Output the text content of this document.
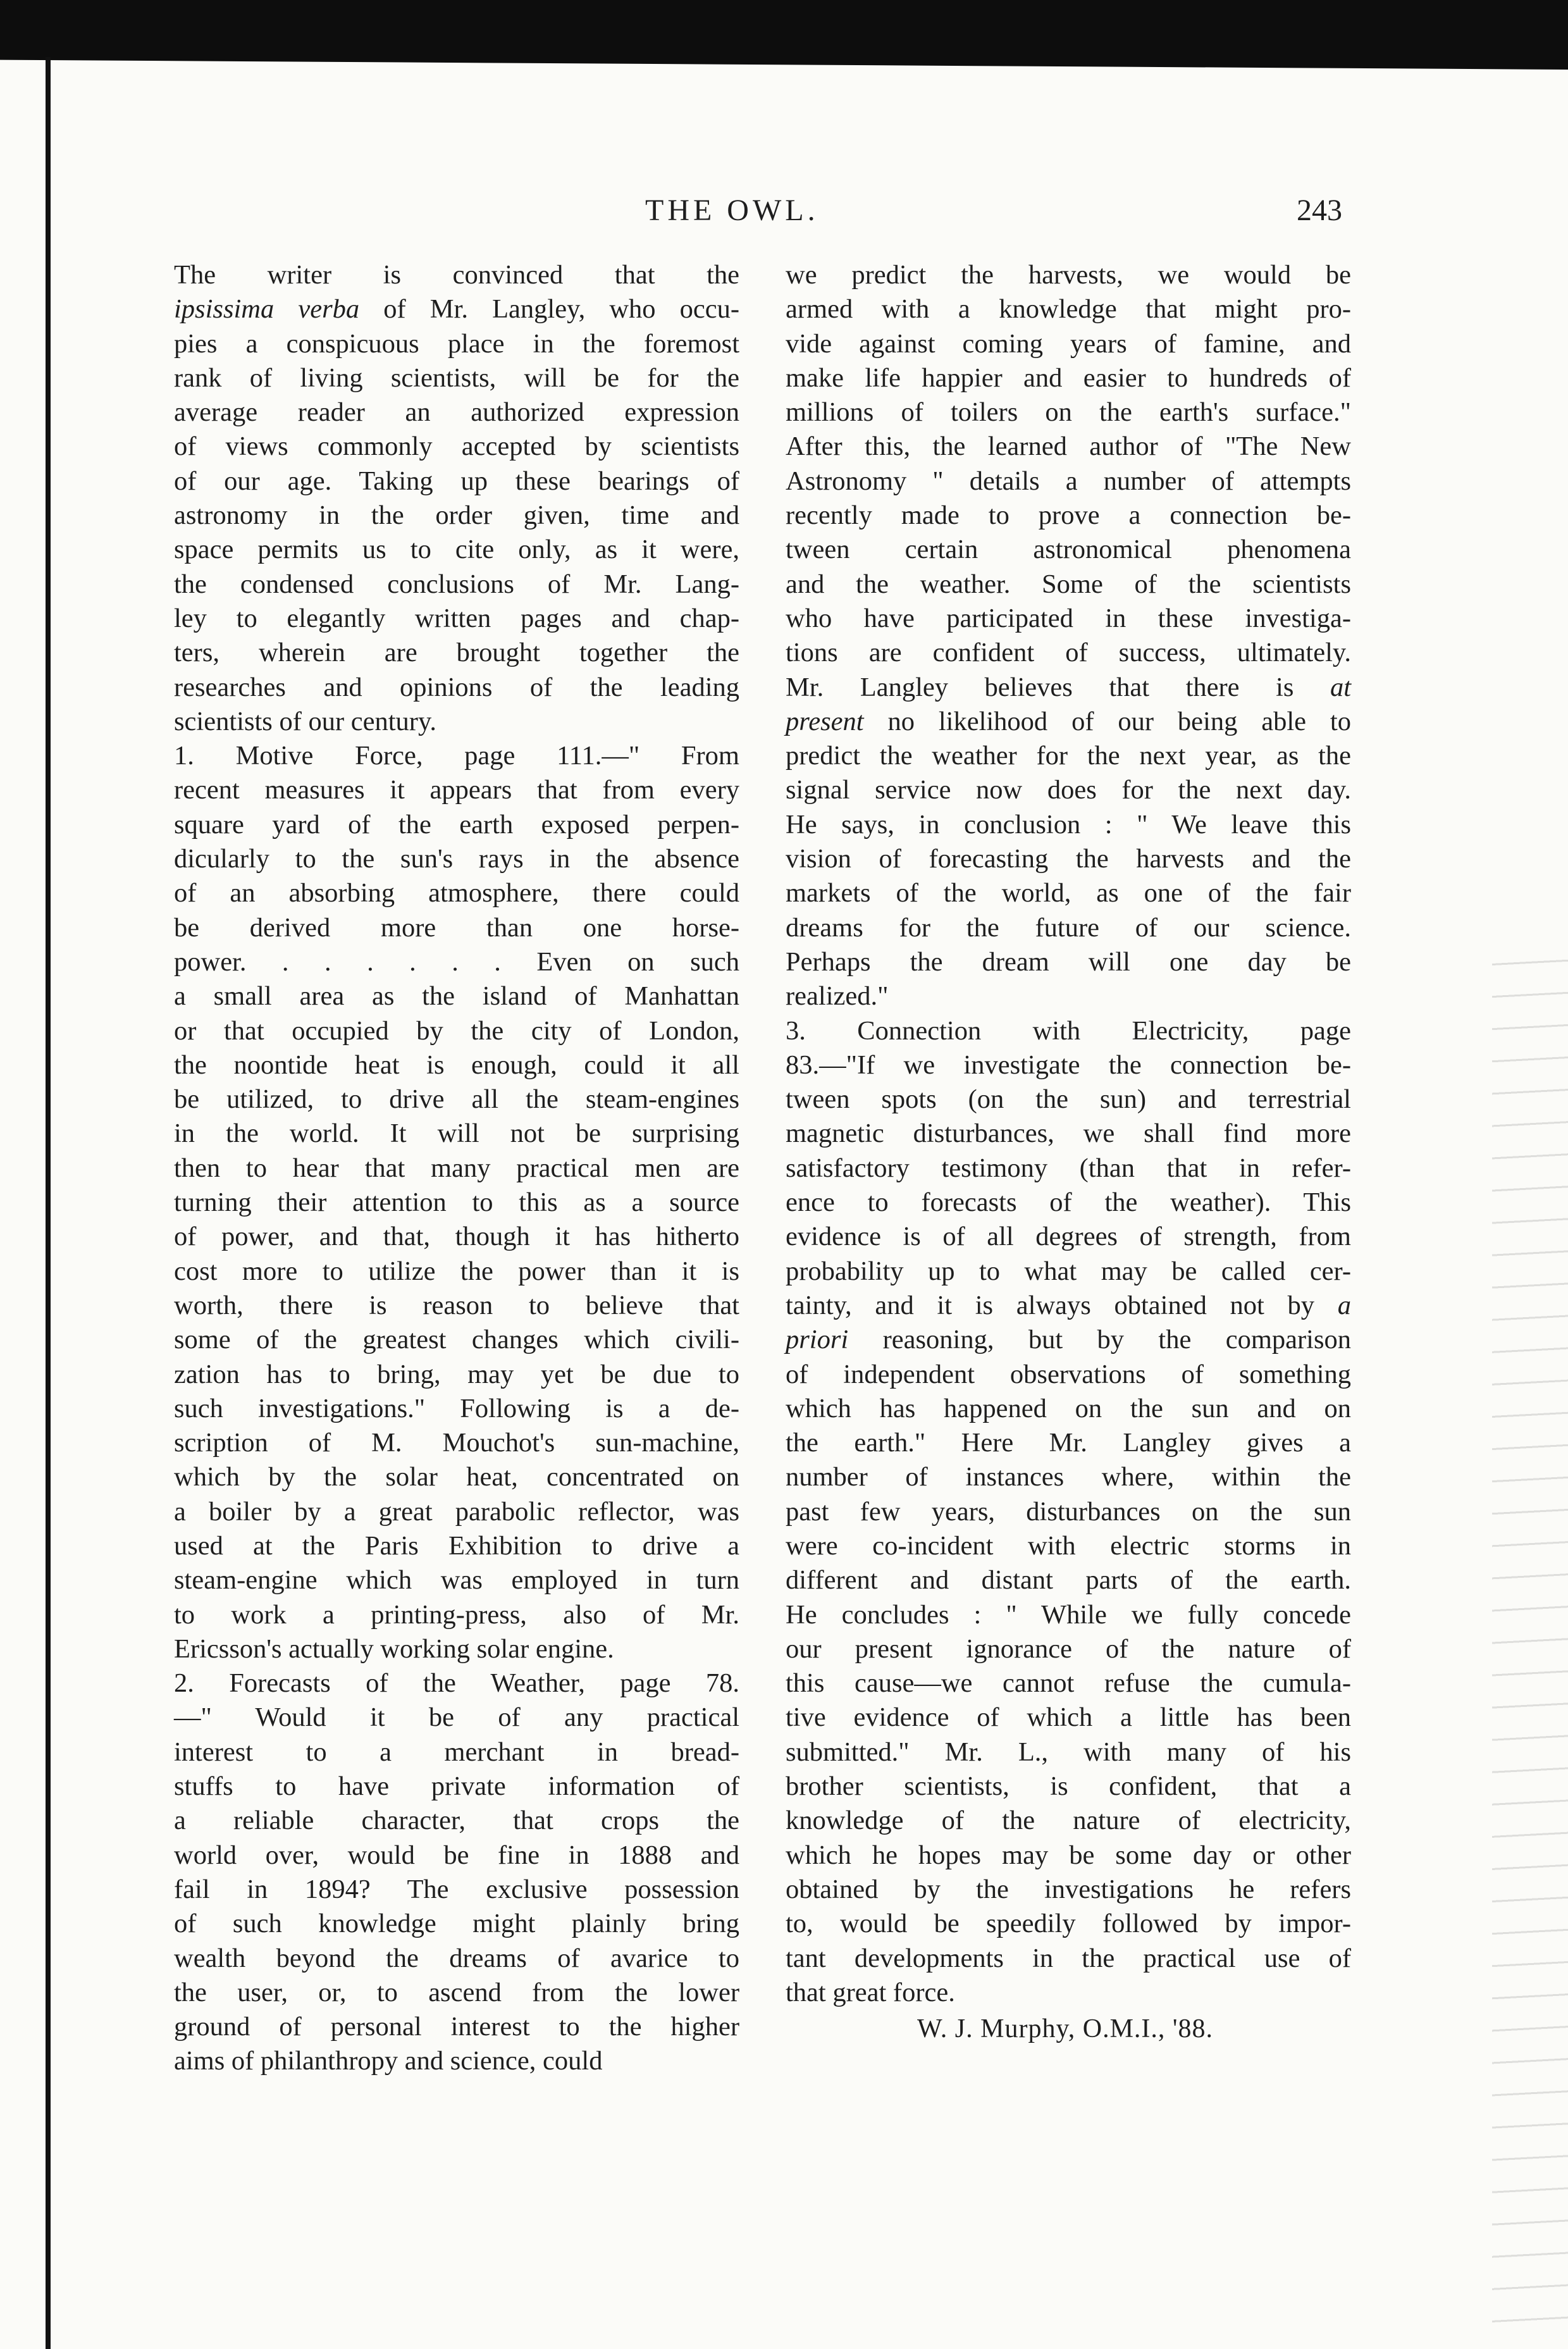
THE OWL.	243
The writer is convinced that the
ipsissima verba of Mr. Langley, who occu-
pies a conspicuous place in the foremost
rank of living scientists, will be for the
average reader an authorized expression
of views commonly accepted by scientists
of our age. Taking up these bearings of
astronomy in the order given, time and
space permits us to cite only, as it were,
the condensed conclusions of Mr. Lang-
ley to elegantly written pages and chap-
ters, wherein are brought together the
researches and opinions of the leading
scientists of our century.
1. Motive Force, page 111.—" From
recent measures it appears that from every
square yard of the earth exposed perpen-
dicularly to the sun's rays in the absence
of an absorbing atmosphere, there could
be derived more than one horse-
power. . . . . . . Even on such
a small area as the island of Manhattan
or that occupied by the city of London,
the noontide heat is enough, could it all
be utilized, to drive all the steam-engines
in the world. It will not be surprising
then to hear that many practical men are
turning their attention to this as a source
of power, and that, though it has hitherto
cost more to utilize the power than it is
worth, there is reason to believe that
some of the greatest changes which civili-
zation has to bring, may yet be due to
such investigations." Following is a de-
scription of M. Mouchot's sun-machine,
which by the solar heat, concentrated on
a boiler by a great parabolic reflector, was
used at the Paris Exhibition to drive a
steam-engine which was employed in turn
to work a printing-press, also of Mr.
Ericsson's actually working solar engine.
2. Forecasts of the Weather, page 78.
—" Would it be of any practical
interest to a merchant in bread-
stuffs to have private information of
a reliable character, that crops the
world over, would be fine in 1888 and
fail in 1894? The exclusive possession
of such knowledge might plainly bring
wealth beyond the dreams of avarice to
the user, or, to ascend from the lower
ground of personal interest to the higher
aims of philanthropy and science, could
we predict the harvests, we would be
armed with a knowledge that might pro-
vide against coming years of famine, and
make life happier and easier to hundreds of
millions of toilers on the earth's surface."
After this, the learned author of "The New
Astronomy " details a number of attempts
recently made to prove a connection be-
tween certain astronomical phenomena
and the weather. Some of the scientists
who have participated in these investiga-
tions are confident of success, ultimately.
Mr. Langley believes that there is at
present no likelihood of our being able to
predict the weather for the next year, as the
signal service now does for the next day.
He says, in conclusion : " We leave this
vision of forecasting the harvests and the
markets of the world, as one of the fair
dreams for the future of our science.
Perhaps the dream will one day be
realized."
3. Connection with Electricity, page
83.—"If we investigate the connection be-
tween spots (on the sun) and terrestrial
magnetic disturbances, we shall find more
satisfactory testimony (than that in refer-
ence to forecasts of the weather). This
evidence is of all degrees of strength, from
probability up to what may be called cer-
tainty, and it is always obtained not by a
priori reasoning, but by the comparison
of independent observations of something
which has happened on the sun and on
the earth." Here Mr. Langley gives a
number of instances where, within the
past few years, disturbances on the sun
were co-incident with electric storms in
different and distant parts of the earth.
He concludes : " While we fully concede
our present ignorance of the nature of
this cause—we cannot refuse the cumula-
tive evidence of which a little has been
submitted." Mr. L., with many of his
brother scientists, is confident, that a
knowledge of the nature of electricity,
which he hopes may be some day or other
obtained by the investigations he refers
to, would be speedily followed by impor-
tant developments in the practical use of
that great force.
W. J. Murphy, O.M.I., '88.
